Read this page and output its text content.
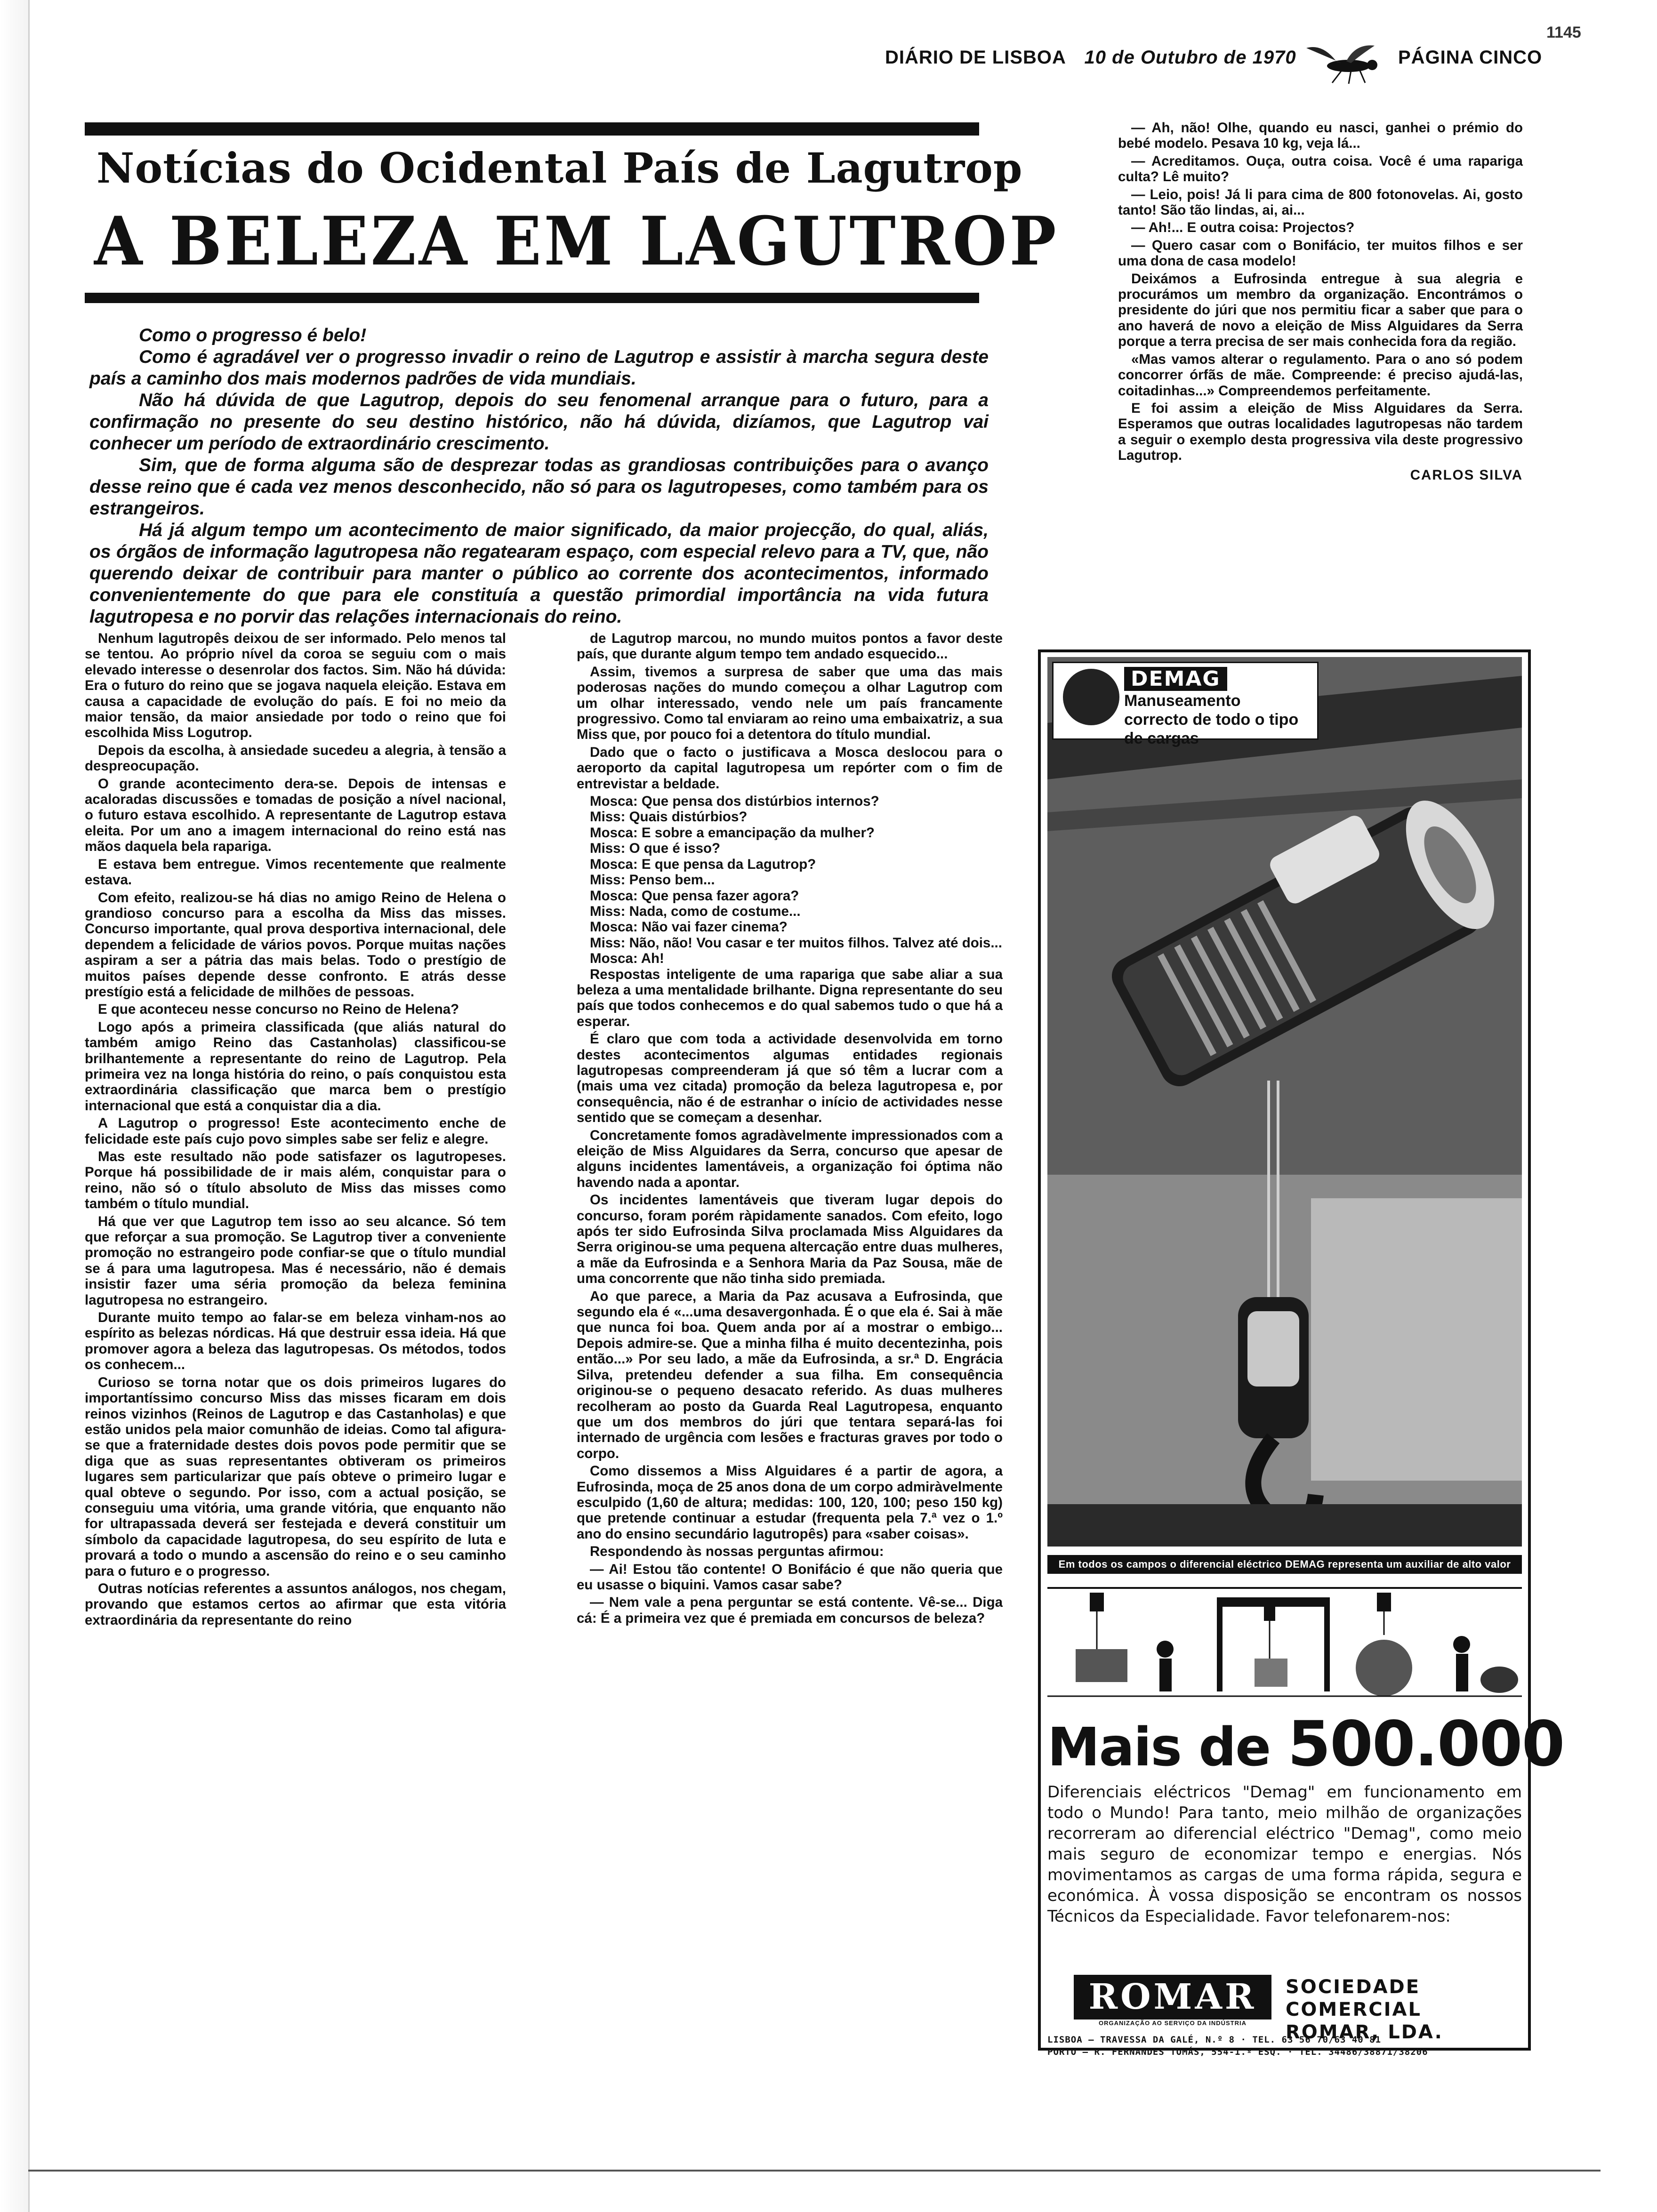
DIÁRIO DE LISBOA 10 de Outubro de 1970	PÁGINA CINCO
1145
Notícias do Ocidental País de Lagutrop
A BELEZA EM LAGUTROP

Como o progresso é belo!

Como é agradável ver o progresso invadir o reino de Lagutrop e assistir à marcha segura deste país a caminho dos mais modernos padrões de vida mundiais.

Não há dúvida de que Lagutrop, depois do seu fenomenal arranque para o futuro, para a confirmação no presente do seu destino histórico, não há dúvida, dizíamos, que Lagutrop vai conhecer um período de extraordinário crescimento.

Sim, que de forma alguma são de desprezar todas as grandiosas contribuições para o avanço desse reino que é cada vez menos desconhecido, não só para os lagutropeses, como também para os estrangeiros.

Há já algum tempo um acontecimento de maior significado, da maior projecção, do qual, aliás, os órgãos de informação lagutropesa não regatearam espaço, com especial relevo para a TV, que, não querendo deixar de contribuir para manter o público ao corrente dos acontecimentos, informado convenientemente do que para ele constituía a questão primordial importância na vida futura lagutropesa e no porvir das relações internacionais do reino.

Nenhum lagutropês deixou de ser informado. Pelo menos tal se tentou. Ao próprio nível da coroa se seguiu com o mais elevado interesse o desenrolar dos factos. Sim. Não há dúvida: Era o futuro do reino que se jogava naquela eleição. Estava em causa a capacidade de evolução do país. E foi no meio da maior tensão, da maior ansiedade por todo o reino que foi escolhida Miss Logutrop.

Depois da escolha, à ansiedade sucedeu a alegria, à tensão a despreocupação.

O grande acontecimento dera-se. Depois de intensas e acaloradas discussões e tomadas de posição a nível nacional, o futuro estava escolhido. A representante de Lagutrop estava eleita. Por um ano a imagem internacional do reino está nas mãos daquela bela rapariga.

E estava bem entregue. Vimos recentemente que realmente estava.

Com efeito, realizou-se há dias no amigo Reino de Helena o grandioso concurso para a escolha da Miss das misses. Concurso importante, qual prova desportiva internacional, dele dependem a felicidade de vários povos. Porque muitas nações aspiram a ser a pátria das mais belas. Todo o prestígio de muitos países depende desse confronto. E atrás desse prestígio está a felicidade de milhões de pessoas.

E que aconteceu nesse concurso no Reino de Helena?

Logo após a primeira classificada (que aliás natural do também amigo Reino das Castanholas) classificou-se brilhantemente a representante do reino de Lagutrop. Pela primeira vez na longa história do reino, o país conquistou esta extraordinária classificação que marca bem o prestígio internacional que está a conquistar dia a dia.

A Lagutrop o progresso! Este acontecimento enche de felicidade este país cujo povo simples sabe ser feliz e alegre.

Mas este resultado não pode satisfazer os lagutropeses. Porque há possibilidade de ir mais além, conquistar para o reino, não só o título absoluto de Miss das misses como também o título mundial.

Há que ver que Lagutrop tem isso ao seu alcance. Só tem que reforçar a sua promoção. Se Lagutrop tiver a conveniente promoção no estrangeiro pode confiar-se que o título mundial se á para uma lagutropesa. Mas é necessário, não é demais insistir fazer uma séria promoção da beleza feminina lagutropesa no estrangeiro.

Durante muito tempo ao falar-se em beleza vinham-nos ao espírito as belezas nórdicas. Há que destruir essa ideia. Há que promover agora a beleza das lagutropesas. Os métodos, todos os conhecem...

Curioso se torna notar que os dois primeiros lugares do importantíssimo concurso Miss das misses ficaram em dois reinos vizinhos (Reinos de Lagutrop e das Castanholas) e que estão unidos pela maior comunhão de ideias. Como tal afigura-se que a fraternidade destes dois povos pode permitir que se diga que as suas representantes obtiveram os primeiros lugares sem particularizar que país obteve o primeiro lugar e qual obteve o segundo. Por isso, com a actual posição, se conseguiu uma vitória, uma grande vitória, que enquanto não for ultrapassada deverá ser festejada e deverá constituir um símbolo da capacidade lagutropesa, do seu espírito de luta e provará a todo o mundo a ascensão do reino e o seu caminho para o futuro e o progresso.

Outras notícias referentes a assuntos análogos, nos chegam, provando que estamos certos ao afirmar que esta vitória extraordinária da representante do reino

de Lagutrop marcou, no mundo muitos pontos a favor deste país, que durante algum tempo tem andado esquecido...

Assim, tivemos a surpresa de saber que uma das mais poderosas nações do mundo começou a olhar Lagutrop com um olhar interessado, vendo nele um país francamente progressivo. Como tal enviaram ao reino uma embaixatriz, a sua Miss que, por pouco foi a detentora do título mundial.

Dado que o facto o justificava a Mosca deslocou para o aeroporto da capital lagutropesa um repórter com o fim de entrevistar a beldade.

Mosca: Que pensa dos distúrbios internos?

Miss: Quais distúrbios?

Mosca: E sobre a emancipação da mulher?

Miss: O que é isso?

Mosca: E que pensa da Lagutrop?

Miss: Penso bem...

Mosca: Que pensa fazer agora?

Miss: Nada, como de costume...

Mosca: Não vai fazer cinema?

Miss: Não, não! Vou casar e ter muitos filhos. Talvez até dois...

Mosca: Ah!

Respostas inteligente de uma rapariga que sabe aliar a sua beleza a uma mentalidade brilhante. Digna representante do seu país que todos conhecemos e do qual sabemos tudo o que há a esperar.

É claro que com toda a actividade desenvolvida em torno destes acontecimentos algumas entidades regionais lagutropesas compreenderam já que só têm a lucrar com a (mais uma vez citada) promoção da beleza lagutropesa e, por consequência, não é de estranhar o início de actividades nesse sentido que se começam a desenhar.

Concretamente fomos agradàvelmente impressionados com a eleição de Miss Alguidares da Serra, concurso que apesar de alguns incidentes lamentáveis, a organização foi óptima não havendo nada a apontar.

Os incidentes lamentáveis que tiveram lugar depois do concurso, foram porém ràpidamente sanados. Com efeito, logo após ter sido Eufrosinda Silva proclamada Miss Alguidares da Serra originou-se uma pequena altercação entre duas mulheres, a mãe da Eufrosinda e a Senhora Maria da Paz Sousa, mãe de uma concorrente que não tinha sido premiada.

Ao que parece, a Maria da Paz acusava a Eufrosinda, que segundo ela é «...uma desavergonhada. É o que ela é. Sai à mãe que nunca foi boa. Quem anda por aí a mostrar o embigo... Depois admire-se. Que a minha filha é muito decentezinha, pois então...» Por seu lado, a mãe da Eufrosinda, a sr.ª D. Engrácia Silva, pretendeu defender a sua filha. Em consequência originou-se o pequeno desacato referido. As duas mulheres recolheram ao posto da Guarda Real Lagutropesa, enquanto que um dos membros do júri que tentara separá-las foi internado de urgência com lesões e fracturas graves por todo o corpo.

Como dissemos a Miss Alguidares é a partir de agora, a Eufrosinda, moça de 25 anos dona de um corpo admiràvelmente esculpido (1,60 de altura; medidas: 100, 120, 100; peso 150 kg) que pretende continuar a estudar (frequenta pela 7.ª vez o 1.º ano do ensino secundário lagutropês) para «saber coisas».

Respondendo às nossas perguntas afirmou:

— Ai! Estou tão contente! O Bonifácio é que não queria que eu usasse o biquini. Vamos casar sabe?

— Nem vale a pena perguntar se está contente. Vê-se... Diga cá: É a primeira vez que é premiada em concursos de beleza?

— Ah, não! Olhe, quando eu nasci, ganhei o prémio do bebé modelo. Pesava 10 kg, veja lá...

— Acreditamos. Ouça, outra coisa. Você é uma rapariga culta? Lê muito?

— Leio, pois! Já li para cima de 800 fotonovelas. Ai, gosto tanto! São tão lindas, ai, ai...

— Ah!... E outra coisa: Projectos?

— Quero casar com o Bonifácio, ter muitos filhos e ser uma dona de casa modelo!

Deixámos a Eufrosinda entregue à sua alegria e procurámos um membro da organização. Encontrámos o presidente do júri que nos permitiu ficar a saber que para o ano haverá de novo a eleição de Miss Alguidares da Serra porque a terra precisa de ser mais conhecida fora da região.

«Mas vamos alterar o regulamento. Para o ano só podem concorrer órfãs de mãe. Compreende: é preciso ajudá-las, coitadinhas...» Compreendemos perfeitamente.

E foi assim a eleição de Miss Alguidares da Serra. Esperamos que outras localidades lagutropesas não tardem a seguir o exemplo desta progressiva vila deste progressivo Lagutrop.

CARLOS SILVA

DEMAG
Manuseamento correcto de todo o tipo de cargas
Em todos os campos o diferencial eléctrico DEMAG representa um auxiliar de alto valor
Mais de 500.000
Diferenciais eléctricos "Demag" em funcionamento em todo o Mundo! Para tanto, meio milhão de organizações recorreram ao diferencial eléctrico "Demag", como meio mais seguro de economizar tempo e energias. Nós movimentamos as cargas de uma forma rápida, segura e económica. À vossa disposição se encontram os nossos Técnicos da Especialidade. Favor telefonarem-nos:
ROMAR
ORGANIZAÇÃO AO SERVIÇO DA INDÚSTRIA
SOCIEDADE COMERCIAL
ROMAR, LDA.
LISBOA — TRAVESSA DA GALÉ, N.º 8 · TEL. 63 56 70/63 40 81
PORTO — R. FERNANDES TOMÁS, 554-1.º ESQ. · TEL. 34486/38871/38206
